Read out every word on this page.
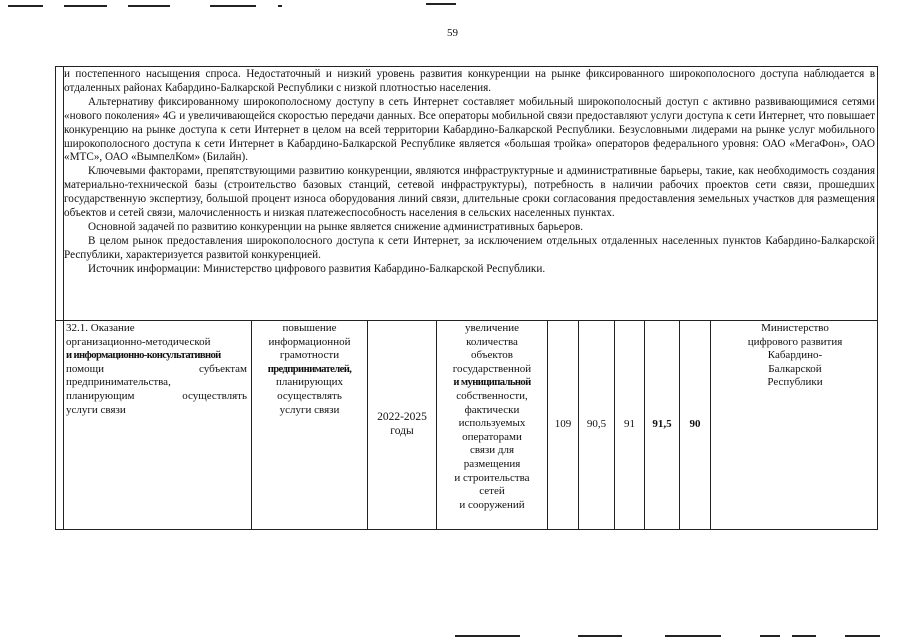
59

и постепенного насыщения спроса. Недостаточный и низкий уровень развития конкуренции на рынке фиксированного широкополосного доступа наблюдается в отдаленных районах Кабардино-Балкарской Республики с низкой плотностью населения.

Альтернативу фиксированному широкополосному доступу в сеть Интернет составляет мобильный широкополосный доступ с активно развивающимися сетями «нового поколения» 4G и увеличивающейся скоростью передачи данных. Все операторы мобильной связи предоставляют услуги доступа к сети Интернет, что повышает конкуренцию на рынке доступа к сети Интернет в целом на всей территории Кабардино-Балкарской Республики. Безусловными лидерами на рынке услуг мобильного широкополосного доступа к сети Интернет в Кабардино-Балкарской Республике является «большая тройка» операторов федерального уровня: ОАО «МегаФон», ОАО «МТС», ОАО «ВымпелКом» (Билайн).

Ключевыми факторами, препятствующими развитию конкуренции, являются инфраструктурные и административные барьеры, такие, как необходимость создания материально-технической базы (строительство базовых станций, сетевой инфраструктуры), потребность в наличии рабочих проектов сети связи, прошедших государственную экспертизу, большой процент износа оборудования линий связи, длительные сроки согласования предоставления земельных участков для размещения объектов и сетей связи, малочисленность и низкая платежеспособность населения в сельских населенных пунктах.

Основной задачей по развитию конкуренции на рынке является снижение административных барьеров.

В целом рынок предоставления широкополосного доступа к сети Интернет, за исключением отдельных отдаленных населенных пунктов Кабардино-Балкарской Республики, характеризуется развитой конкуренцией.

Источник информации: Министерство цифрового развития Кабардино-Балкарской Республики.

32.1. Оказание
организационно-методической
и информационно-консультативной
помощи субъектам
предпринимательства,
планирующим осуществлять
услуги связи
повышение
информационной
грамотности
предпринимателей,
планирующих
осуществлять
услуги связи
2022-2025 годы
увеличение
количества
объектов
государственной
и муниципальной
собственности,
фактически
используемых
операторами
связи для
размещения
и строительства
сетей
и сооружений
109 90,5 91 91,5 90
Министерство
цифрового развития
Кабардино-
Балкарской
Республики
